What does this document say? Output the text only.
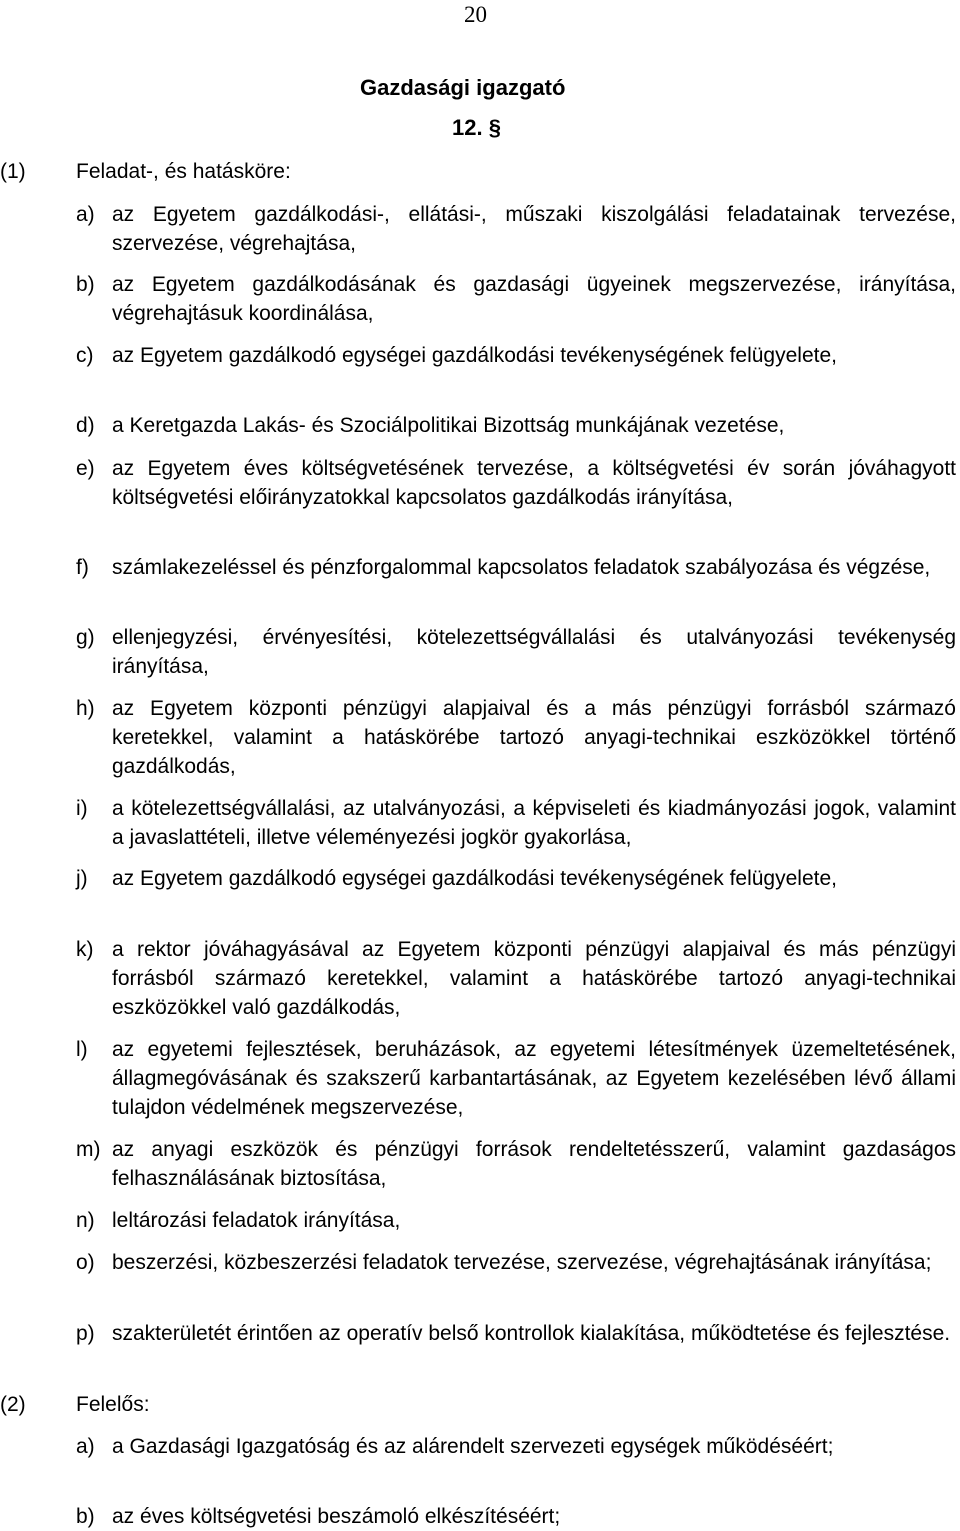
20
Gazdasági igazgató
12. §
(1) Feladat-, és hatásköre:
a) az Egyetem gazdálkodási-, ellátási-, műszaki kiszolgálási feladatainak tervezése, szervezése, végrehajtása,
b) az Egyetem gazdálkodásának és gazdasági ügyeinek megszervezése, irányítása, végrehajtásuk koordinálása,
c) az Egyetem gazdálkodó egységei gazdálkodási tevékenységének felügyelete,
d) a Keretgazda Lakás- és Szociálpolitikai Bizottság munkájának vezetése,
e) az Egyetem éves költségvetésének tervezése, a költségvetési év során jóváhagyott költségvetési előirányzatokkal kapcsolatos gazdálkodás irányítása,
f) számlakezeléssel és pénzforgalommal kapcsolatos feladatok szabályozása és végzése,
g) ellenjegyzési, érvényesítési, kötelezettségvállalási és utalványozási tevékenység irányítása,
h) az Egyetem központi pénzügyi alapjaival és a más pénzügyi forrásból származó keretekkel, valamint a hatáskörébe tartozó anyagi-technikai eszközökkel történő gazdálkodás,
i) a kötelezettségvállalási, az utalványozási, a képviseleti és kiadmányozási jogok, valamint a javaslattételi, illetve véleményezési jogkör gyakorlása,
j) az Egyetem gazdálkodó egységei gazdálkodási tevékenységének felügyelete,
k) a rektor jóváhagyásával az Egyetem központi pénzügyi alapjaival és más pénzügyi forrásból származó keretekkel, valamint a hatáskörébe tartozó anyagi-technikai eszközökkel való gazdálkodás,
l) az egyetemi fejlesztések, beruházások, az egyetemi létesítmények üzemeltetésének, állagmegóvásának és szakszerű karbantartásának, az Egyetem kezelésében lévő állami tulajdon védelmének megszervezése,
m) az anyagi eszközök és pénzügyi források rendeltetésszerű, valamint gazdaságos felhasználásának biztosítása,
n) leltározási feladatok irányítása,
o) beszerzési, közbeszerzési feladatok tervezése, szervezése, végrehajtásának irányítása;
p) szakterületét érintően az operatív belső kontrollok kialakítása, működtetése és fejlesztése.
(2) Felelős:
a) a Gazdasági Igazgatóság és az alárendelt szervezeti egységek működéséért;
b) az éves költségvetési beszámoló elkészítéséért;
